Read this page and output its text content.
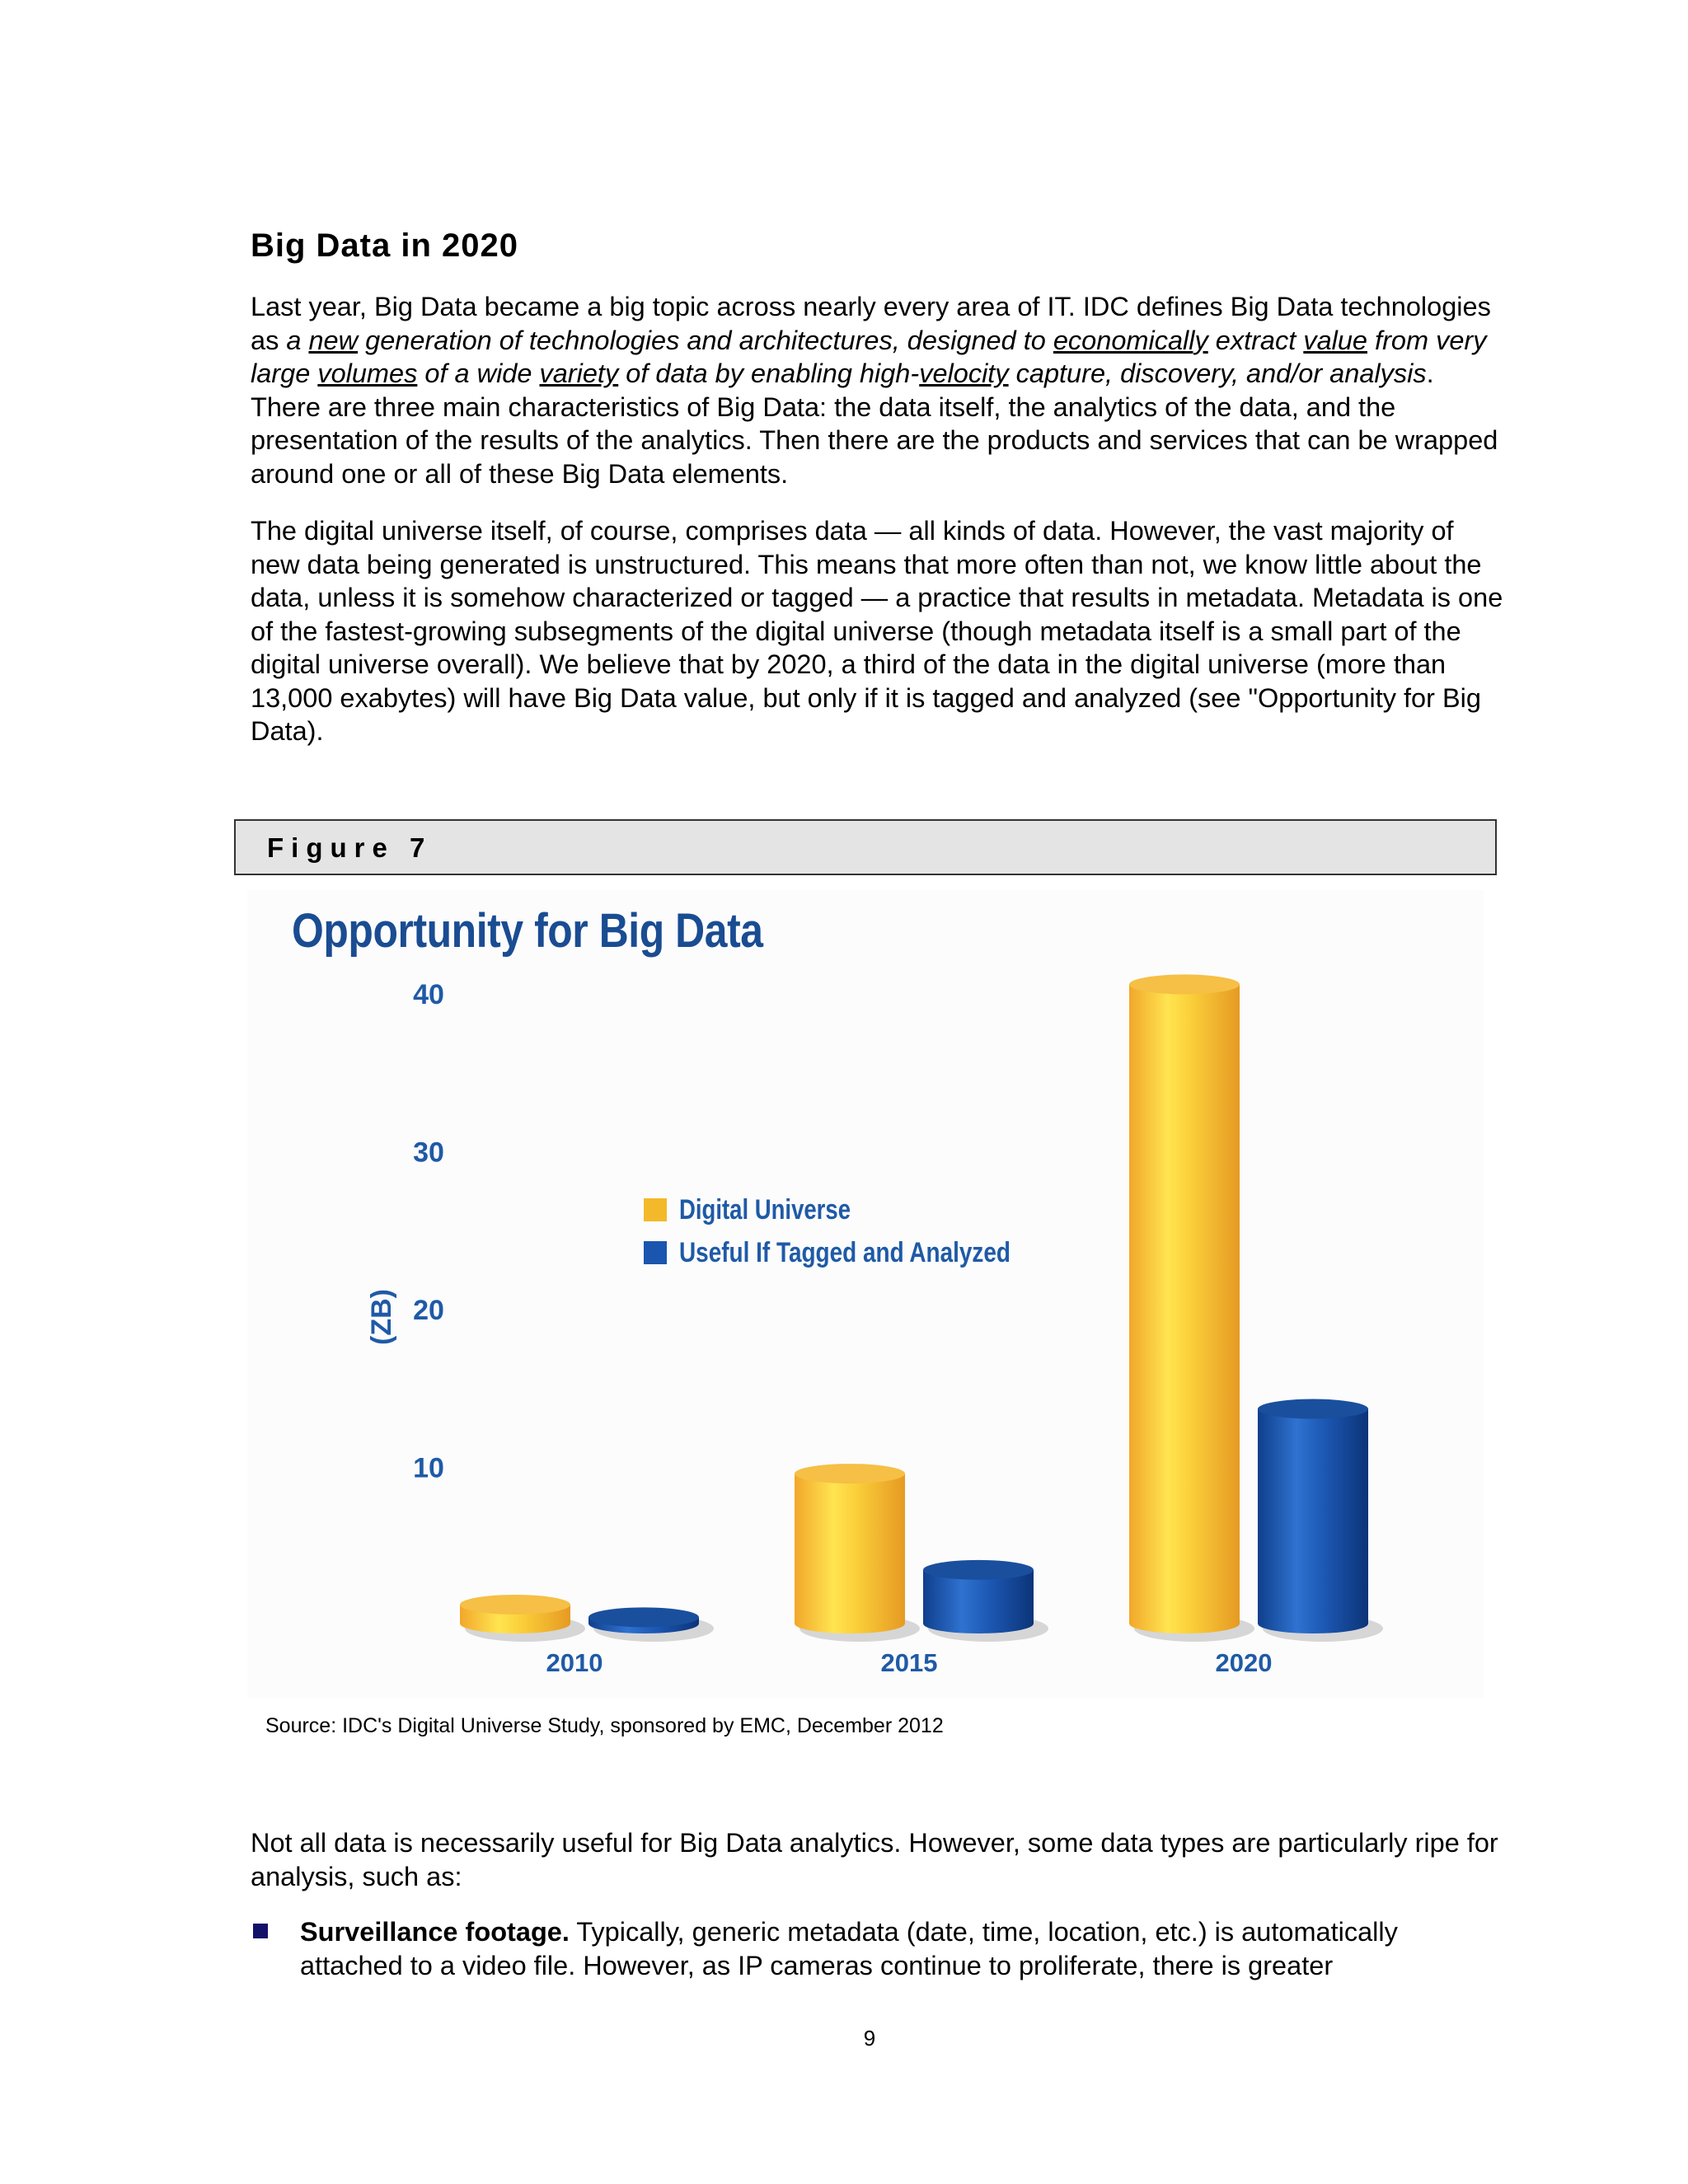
Big Data in 2020

Last year, Big Data became a big topic across nearly every area of IT. IDC defines Big Data technologies as a new generation of technologies and architectures, designed to economically extract value from very large volumes of a wide variety of data by enabling high-velocity capture, discovery, and/or analysis. There are three main characteristics of Big Data: the data itself, the analytics of the data, and the presentation of the results of the analytics. Then there are the products and services that can be wrapped around one or all of these Big Data elements.

The digital universe itself, of course, comprises data — all kinds of data. However, the vast majority of new data being generated is unstructured. This means that more often than not, we know little about the data, unless it is somehow characterized or tagged — a practice that results in metadata. Metadata is one of the fastest-growing subsegments of the digital universe (though metadata itself is a small part of the digital universe overall). We believe that by 2020, a third of the data in the digital universe (more than 13,000 exabytes) will have Big Data value, but only if it is tagged and analyzed (see "Opportunity for Big Data).

Figure 7
Opportunity for Big Data
10
20
30
40
(ZB)
2010	2015	2020
Digital Universe
Useful If Tagged and Analyzed
Source: IDC's Digital Universe Study, sponsored by EMC, December 2012

Not all data is necessarily useful for Big Data analytics. However, some data types are particularly ripe for analysis, such as:

Surveillance footage. Typically, generic metadata (date, time, location, etc.) is automatically attached to a video file. However, as IP cameras continue to proliferate, there is greater

9
